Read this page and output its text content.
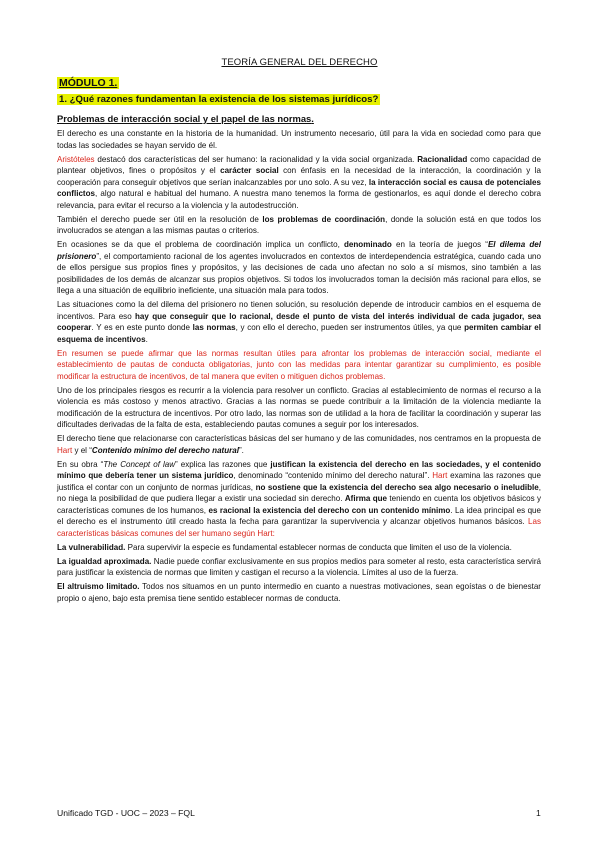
TEORÍA GENERAL DEL DERECHO
MÓDULO 1.
1. ¿Qué razones fundamentan la existencia de los sistemas jurídicos?
Problemas de interacción social y el papel de las normas.

El derecho es una constante en la historia de la humanidad. Un instrumento necesario, útil para la vida en sociedad como para que todas las sociedades se hayan servido de él.

Aristóteles destacó dos características del ser humano: la racionalidad y la vida social organizada. Racionalidad como capacidad de plantear objetivos, fines o propósitos y el carácter social con énfasis en la necesidad de la interacción, la coordinación y la cooperación para conseguir objetivos que serían inalcanzables por uno solo. A su vez, la interacción social es causa de potenciales conflictos, algo natural e habitual del humano. A nuestra mano tenemos la forma de gestionarlos, es aquí donde el derecho cobra relevancia, para evitar el recurso a la violencia y la autodestrucción.

También el derecho puede ser útil en la resolución de los problemas de coordinación, donde la solución está en que todos los involucrados se atengan a las mismas pautas o criterios.

En ocasiones se da que el problema de coordinación implica un conflicto, denominado en la teoría de juegos “El dilema del prisionero”, el comportamiento racional de los agentes involucrados en contextos de interdependencia estratégica, cuando cada uno de ellos persigue sus propios fines y propósitos, y las decisiones de cada uno afectan no solo a sí mismos, sino también a las posibilidades de los demás de alcanzar sus propios objetivos. Si todos los involucrados toman la decisión más racional para ellos, se llega a una situación de equilibrio ineficiente, una situación mala para todos.

Las situaciones como la del dilema del prisionero no tienen solución, su resolución depende de introducir cambios en el esquema de incentivos. Para eso hay que conseguir que lo racional, desde el punto de vista del interés individual de cada jugador, sea cooperar. Y es en este punto donde las normas, y con ello el derecho, pueden ser instrumentos útiles, ya que permiten cambiar el esquema de incentivos.

En resumen se puede afirmar que las normas resultan útiles para afrontar los problemas de interacción social, mediante el establecimiento de pautas de conducta obligatorias, junto con las medidas para intentar garantizar su cumplimiento, es posible modificar la estructura de incentivos, de tal manera que eviten o mitiguen dichos problemas.

Uno de los principales riesgos es recurrir a la violencia para resolver un conflicto. Gracias al establecimiento de normas el recurso a la violencia es más costoso y menos atractivo. Gracias a las normas se puede contribuir a la limitación de la violencia mediante la modificación de la estructura de incentivos. Por otro lado, las normas son de utilidad a la hora de facilitar la coordinación y superar las dificultades derivadas de la falta de esta, estableciendo pautas comunes a seguir por los interesados.

El derecho tiene que relacionarse con características básicas del ser humano y de las comunidades, nos centramos en la propuesta de Hart y el “Contenido mínimo del derecho natural”.

En su obra “The Concept of law” explica las razones que justifican la existencia del derecho en las sociedades, y el contenido mínimo que debería tener un sistema jurídico, denominado “contenido mínimo del derecho natural”. Hart examina las razones que justifica el contar con un conjunto de normas jurídicas, no sostiene que la existencia del derecho sea algo necesario o ineludible, no niega la posibilidad de que pudiera llegar a existir una sociedad sin derecho. Afirma que teniendo en cuenta los objetivos básicos y características comunes de los humanos, es racional la existencia del derecho con un contenido mínimo. La idea principal es que el derecho es el instrumento útil creado hasta la fecha para garantizar la supervivencia y alcanzar objetivos humanos básicos. Las características básicas comunes del ser humano según Hart:

La vulnerabilidad. Para supervivir la especie es fundamental establecer normas de conducta que limiten el uso de la violencia.

La igualdad aproximada. Nadie puede confiar exclusivamente en sus propios medios para someter al resto, esta característica servirá para justificar la existencia de normas que limiten y castigan el recurso a la violencia. Límites al uso de la fuerza.

El altruismo limitado. Todos nos situamos en un punto intermedio en cuanto a nuestras motivaciones, sean egoístas o de bienestar propio o ajeno, bajo esta premisa tiene sentido establecer normas de conducta.

Unificado TGD - UOC – 2023 – FQL	1
